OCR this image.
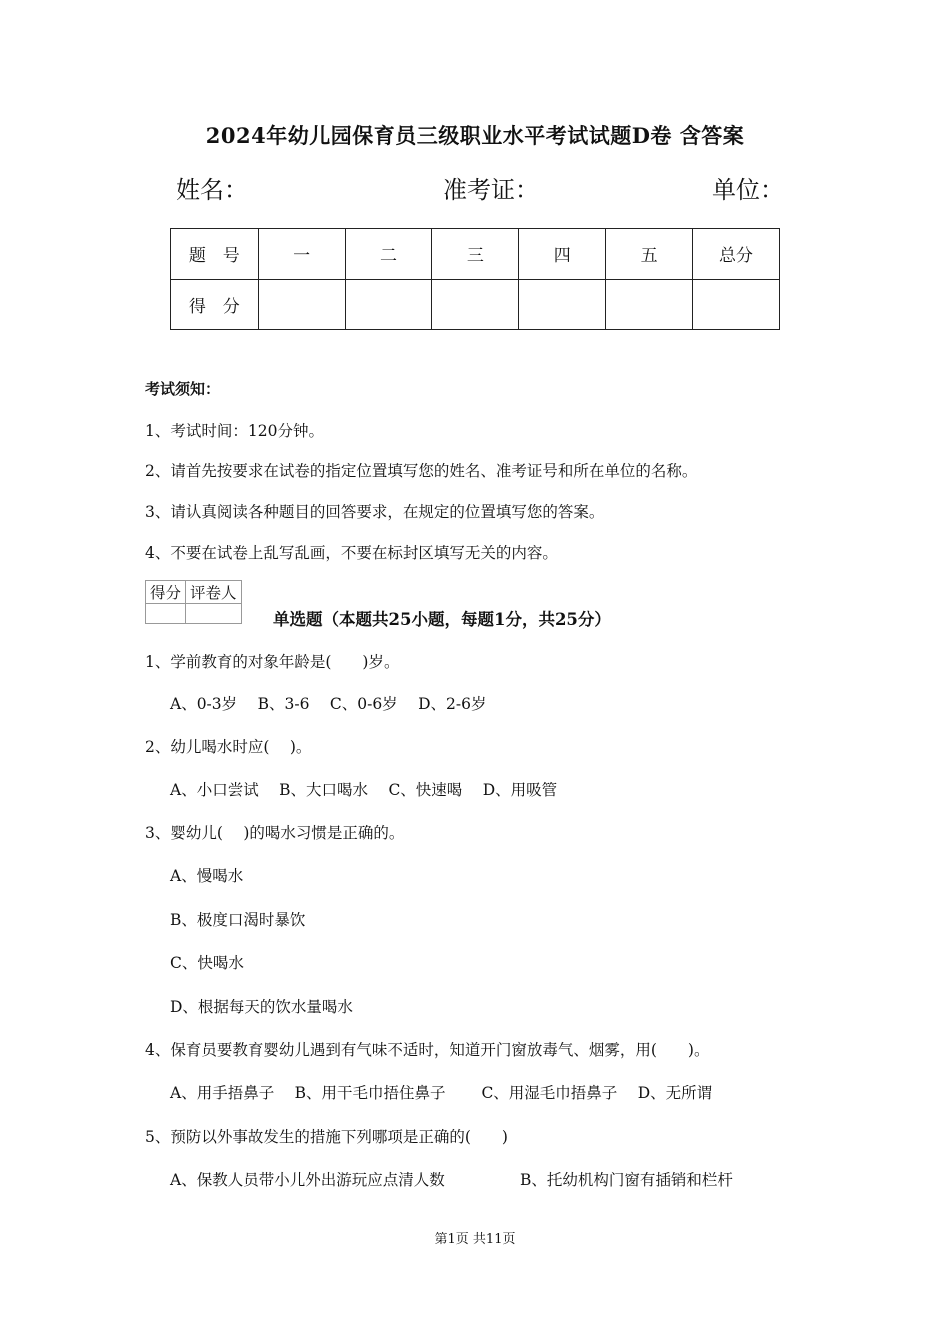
2024年幼儿园保育员三级职业水平考试试题D卷 含答案
姓名：	准考证：	单位：
题　号	一	二	三	四	五	总分
得　分						
考试须知：
1、考试时间：120分钟。
2、请首先按要求在试卷的指定位置填写您的姓名、准考证号和所在单位的名称。
3、请认真阅读各种题目的回答要求，在规定的位置填写您的答案。
4、不要在试卷上乱写乱画，不要在标封区填写无关的内容。
得分	评卷人

单选题（本题共25小题，每题1分，共25分）
1、学前教育的对象年龄是(　　)岁。
A、0-3岁　 B、3-6　 C、0-6岁　 D、2-6岁
2、幼儿喝水时应(　 )。
A、小口尝试　 B、大口喝水　 C、快速喝　 D、用吸管
3、婴幼儿(　 )的喝水习惯是正确的。
A、慢喝水
B、极度口渴时暴饮
C、快喝水
D、根据每天的饮水量喝水
4、保育员要教育婴幼儿遇到有气味不适时，知道开门窗放毒气、烟雾，用(　　)。
A、用手捂鼻子　 B、用干毛巾捂住鼻子　　 C、用湿毛巾捂鼻子　 D、无所谓
5、预防以外事故发生的措施下列哪项是正确的(　　)
A、保教人员带小儿外出游玩应点清人数	B、托幼机构门窗有插销和栏杆
第1页 共11页
